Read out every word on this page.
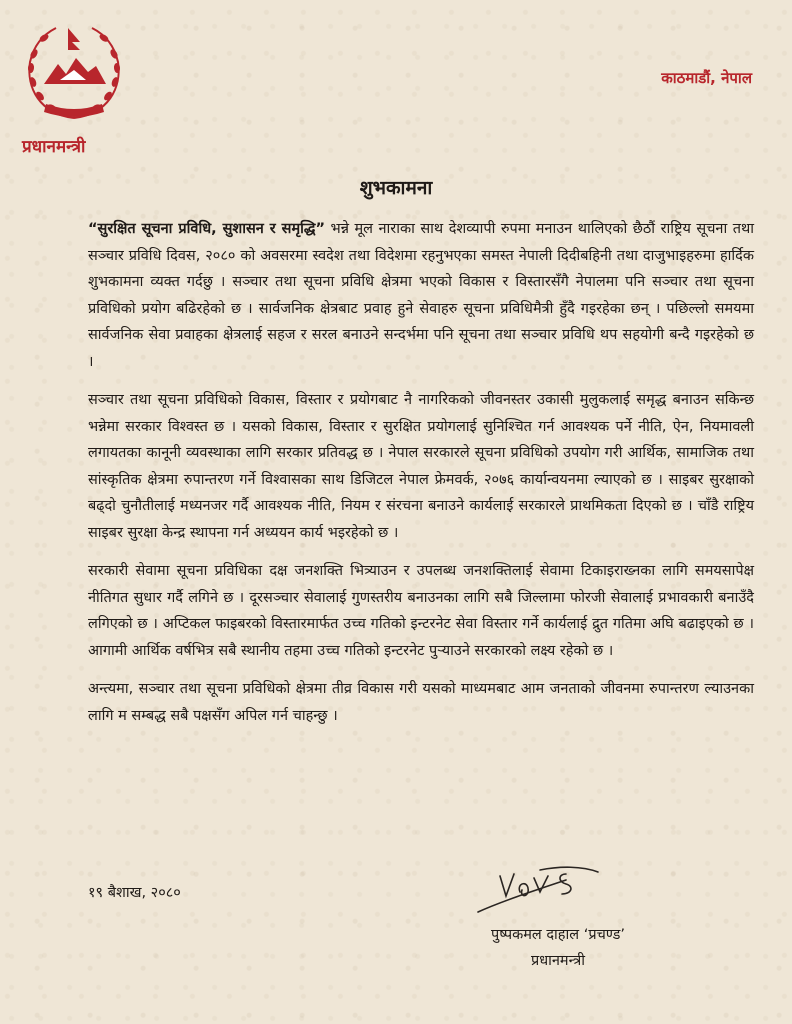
प्रधानमन्त्री
काठमाडौं, नेपाल
शुभकामना

“सुरक्षित सूचना प्रविधि, सुशासन र समृद्धि” भन्ने मूल नाराका साथ देशव्यापी रुपमा मनाउन थालिएको छैठौं राष्ट्रिय सूचना तथा सञ्चार प्रविधि दिवस, २०८० को अवसरमा स्वदेश तथा विदेशमा रहनुभएका समस्त नेपाली दिदीबहिनी तथा दाजुभाइहरुमा हार्दिक शुभकामना व्यक्त गर्दछु । सञ्चार तथा सूचना प्रविधि क्षेत्रमा भएको विकास र विस्तारसँगै नेपालमा पनि सञ्चार तथा सूचना प्रविधिको प्रयोग बढिरहेको छ । सार्वजनिक क्षेत्रबाट प्रवाह हुने सेवाहरु सूचना प्रविधिमैत्री हुँदै गइरहेका छन् । पछिल्लो समयमा सार्वजनिक सेवा प्रवाहका क्षेत्रलाई सहज र सरल बनाउने सन्दर्भमा पनि सूचना तथा सञ्चार प्रविधि थप सहयोगी बन्दै गइरहेको छ ।

सञ्चार तथा सूचना प्रविधिको विकास, विस्तार र प्रयोगबाट नै नागरिकको जीवनस्तर उकासी मुलुकलाई समृद्ध बनाउन सकिन्छ भन्नेमा सरकार विश्वस्त छ । यसको विकास, विस्तार र सुरक्षित प्रयोगलाई सुनिश्चित गर्न आवश्यक पर्ने नीति, ऐन, नियमावली लगायतका कानूनी व्यवस्थाका लागि सरकार प्रतिवद्ध छ । नेपाल सरकारले सूचना प्रविधिको उपयोग गरी आर्थिक, सामाजिक तथा सांस्कृतिक क्षेत्रमा रुपान्तरण गर्ने विश्वासका साथ डिजिटल नेपाल फ्रेमवर्क, २०७६ कार्यान्वयनमा ल्याएको छ । साइबर सुरक्षाको बढ्दो चुनौतीलाई मध्यनजर गर्दै आवश्यक नीति, नियम र संरचना बनाउने कार्यलाई सरकारले प्राथमिकता दिएको छ । चाँडै राष्ट्रिय साइबर सुरक्षा केन्द्र स्थापना गर्न अध्ययन कार्य भइरहेको छ ।

सरकारी सेवामा सूचना प्रविधिका दक्ष जनशक्ति भित्र्याउन र उपलब्ध जनशक्तिलाई सेवामा टिकाइराख्नका लागि समयसापेक्ष नीतिगत सुधार गर्दै लगिने छ । दूरसञ्चार सेवालाई गुणस्तरीय बनाउनका लागि सबै जिल्लामा फोरजी सेवालाई प्रभावकारी बनाउँदै लगिएको छ । अप्टिकल फाइबरको विस्तारमार्फत उच्च गतिको इन्टरनेट सेवा विस्तार गर्ने कार्यलाई द्रुत गतिमा अघि बढाइएको छ । आगामी आर्थिक वर्षभित्र सबै स्थानीय तहमा उच्च गतिको इन्टरनेट पुर्‍याउने सरकारको लक्ष्य रहेको छ ।

अन्त्यमा, सञ्चार तथा सूचना प्रविधिको क्षेत्रमा तीव्र विकास गरी यसको माध्यमबाट आम जनताको जीवनमा रुपान्तरण ल्याउनका लागि म सम्बद्ध सबै पक्षसँग अपिल गर्न चाहन्छु ।

१९ बैशाख, २०८०
पुष्पकमल दाहाल ‘प्रचण्ड’
प्रधानमन्त्री
